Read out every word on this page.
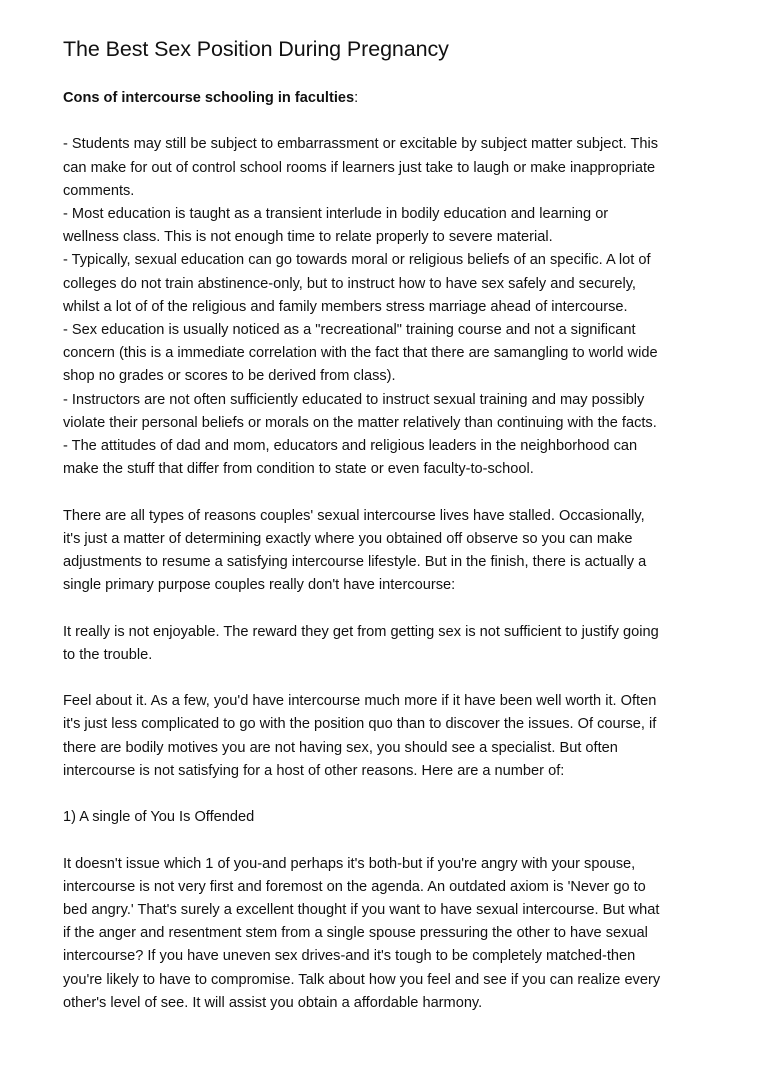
The Best Sex Position During Pregnancy

Cons of intercourse schooling in faculties:

- Students may still be subject to embarrassment or excitable by subject matter subject. This
can make for out of control school rooms if learners just take to laugh or make inappropriate
comments.
- Most education is taught as a transient interlude in bodily education and learning or
wellness class. This is not enough time to relate properly to severe material.
- Typically, sexual education can go towards moral or religious beliefs of an specific. A lot of
colleges do not train abstinence-only, but to instruct how to have sex safely and securely,
whilst a lot of of the religious and family members stress marriage ahead of intercourse.
- Sex education is usually noticed as a "recreational" training course and not a significant
concern (this is a immediate correlation with the fact that there are samangling to world wide
shop no grades or scores to be derived from class).
- Instructors are not often sufficiently educated to instruct sexual training and may possibly
violate their personal beliefs or morals on the matter relatively than continuing with the facts.
- The attitudes of dad and mom, educators and religious leaders in the neighborhood can
make the stuff that differ from condition to state or even faculty-to-school.

There are all types of reasons couples' sexual intercourse lives have stalled. Occasionally,
it's just a matter of determining exactly where you obtained off observe so you can make
adjustments to resume a satisfying intercourse lifestyle. But in the finish, there is actually a
single primary purpose couples really don't have intercourse:

It really is not enjoyable. The reward they get from getting sex is not sufficient to justify going
to the trouble.

Feel about it. As a few, you'd have intercourse much more if it have been well worth it. Often
it's just less complicated to go with the position quo than to discover the issues. Of course, if
there are bodily motives you are not having sex, you should see a specialist. But often
intercourse is not satisfying for a host of other reasons. Here are a number of:

1) A single of You Is Offended

It doesn't issue which 1 of you-and perhaps it's both-but if you're angry with your spouse,
intercourse is not very first and foremost on the agenda. An outdated axiom is 'Never go to
bed angry.' That's surely a excellent thought if you want to have sexual intercourse. But what
if the anger and resentment stem from a single spouse pressuring the other to have sexual
intercourse? If you have uneven sex drives-and it's tough to be completely matched-then
you're likely to have to compromise. Talk about how you feel and see if you can realize every
other's level of see. It will assist you obtain a affordable harmony.
